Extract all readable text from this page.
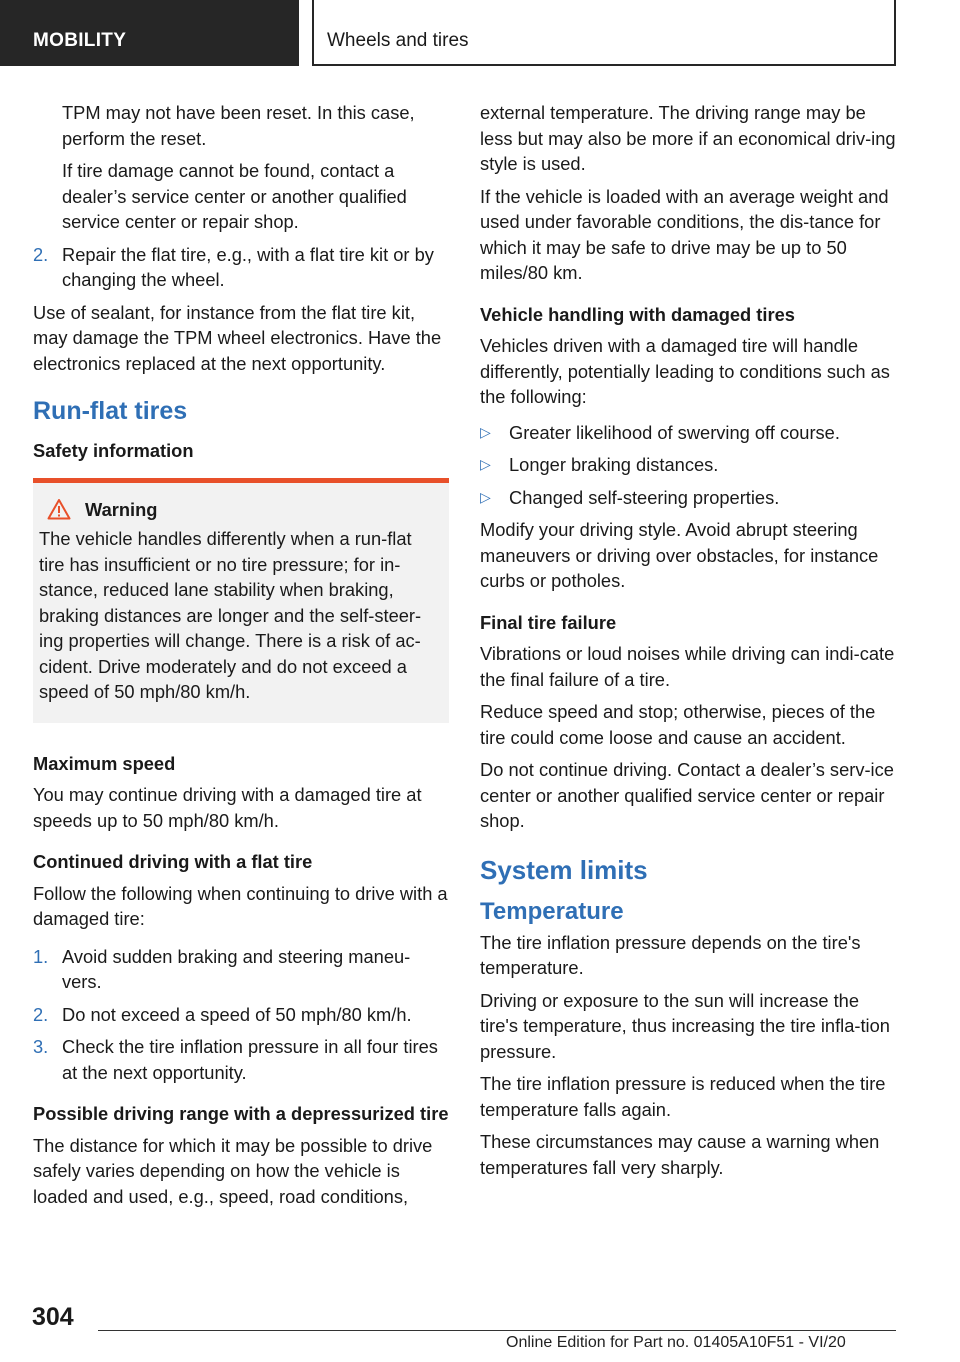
MOBILITY	Wheels and tires

TPM may not have been reset. In this case, perform the reset.

If tire damage cannot be found, contact a dealer’s service center or another qualified service center or repair shop.

2. Repair the flat tire, e.g., with a flat tire kit or by changing the wheel.

Use of sealant, for instance from the flat tire kit, may damage the TPM wheel electronics. Have the electronics replaced at the next opportunity.

Run-flat tires
Safety information
Warning

The vehicle handles differently when a run-flat tire has insufficient or no tire pressure; for in-stance, reduced lane stability when braking, braking distances are longer and the self-steer-ing properties will change. There is a risk of ac-cident. Drive moderately and do not exceed a speed of 50 mph/80 km/h.

Maximum speed

You may continue driving with a damaged tire at speeds up to 50 mph/80 km/h.

Continued driving with a flat tire

Follow the following when continuing to drive with a damaged tire:

1. Avoid sudden braking and steering maneu-vers.
2. Do not exceed a speed of 50 mph/80 km/h.
3. Check the tire inflation pressure in all four tires at the next opportunity.
Possible driving range with a depressurized tire

The distance for which it may be possible to drive safely varies depending on how the vehicle is loaded and used, e.g., speed, road conditions,

external temperature. The driving range may be less but may also be more if an economical driv-ing style is used.

If the vehicle is loaded with an average weight and used under favorable conditions, the dis-tance for which it may be safe to drive may be up to 50 miles/80 km.

Vehicle handling with damaged tires

Vehicles driven with a damaged tire will handle differently, potentially leading to conditions such as the following:

▷ Greater likelihood of swerving off course.
▷ Longer braking distances.
▷ Changed self-steering properties.

Modify your driving style. Avoid abrupt steering maneuvers or driving over obstacles, for instance curbs or potholes.

Final tire failure

Vibrations or loud noises while driving can indi-cate the final failure of a tire.

Reduce speed and stop; otherwise, pieces of the tire could come loose and cause an accident.

Do not continue driving. Contact a dealer’s serv-ice center or another qualified service center or repair shop.

System limits
Temperature

The tire inflation pressure depends on the tire's temperature.

Driving or exposure to the sun will increase the tire's temperature, thus increasing the tire infla-tion pressure.

The tire inflation pressure is reduced when the tire temperature falls again.

These circumstances may cause a warning when temperatures fall very sharply.

304
Online Edition for Part no. 01405A10F51 - VI/20
